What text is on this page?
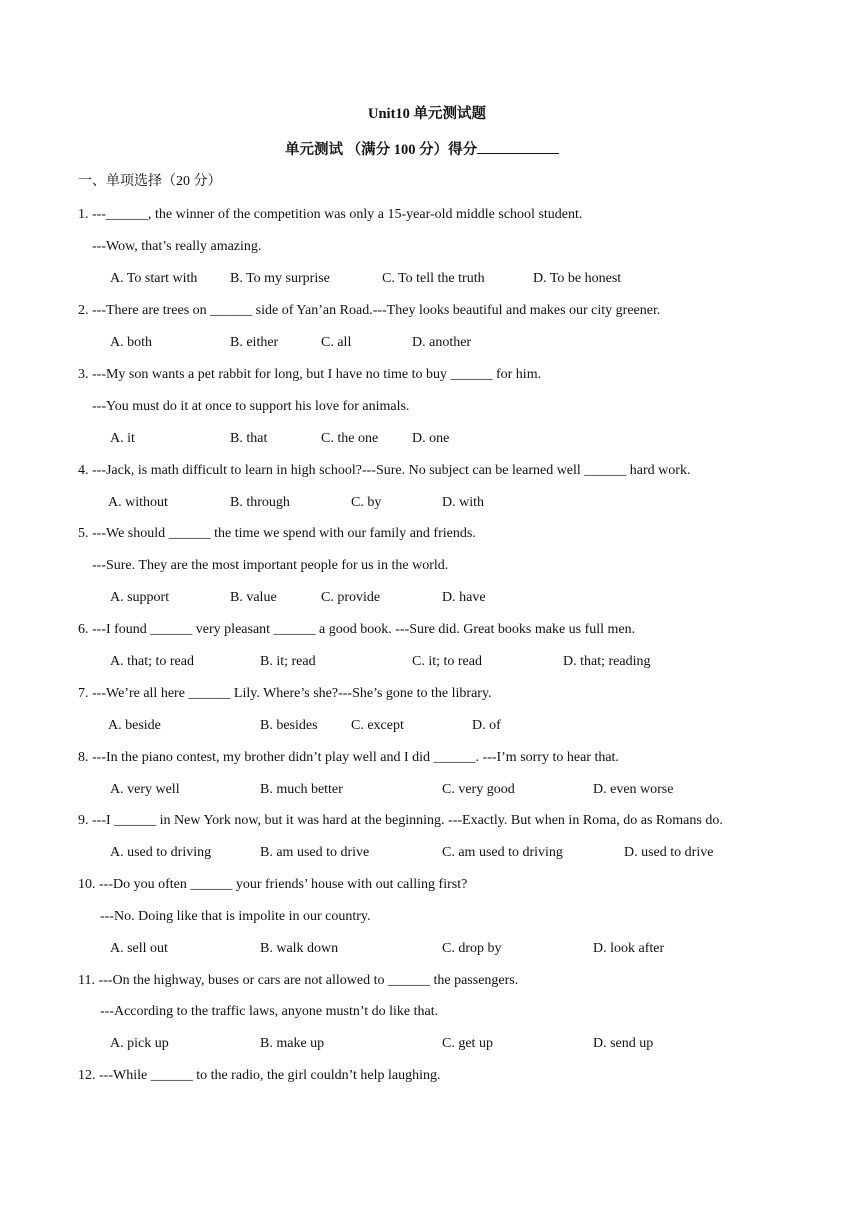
Unit10 单元测试题
单元测试 （满分 100 分）得分
一、单项选择（20 分）
1. ---______, the winner of the competition was only a 15-year-old middle school student.
---Wow, that’s really amazing.
A. To start with B. To my surprise	C. To tell the truth	D. To be honest
2. ---There are trees on ______ side of Yan’an Road.---They looks beautiful and makes our city greener.
A. both	B. either	C. all	D. another
3. ---My son wants a pet rabbit for long, but I have no time to buy ______ for him.
---You must do it at once to support his love for animals.
A. it	B. that	C. the one D. one
4. ---Jack, is math difficult to learn in high school?---Sure. No subject can be learned well ______ hard work.
A. without	B. through	C. by	D. with
5. ---We should ______ the time we spend with our family and friends.
---Sure. They are the most important people for us in the world.
A. support	B. value	C. provide	D. have
6. ---I found ______ very pleasant ______ a good book. ---Sure did. Great books make us full men.
A. that; to read	B. it; read	C. it; to read	D. that; reading
7. ---We’re all here ______ Lily. Where’s she?---She’s gone to the library.
A. beside	B. besides C. except	D. of
8. ---In the piano contest, my brother didn’t play well and I did ______. ---I’m sorry to hear that.
A. very well	B. much better	C. very good	D. even worse
9. ---I ______ in New York now, but it was hard at the beginning. ---Exactly. But when in Roma, do as Romans do.
A. used to driving	B. am used to drive	C. am used to driving	D. used to drive
10. ---Do you often ______ your friends’ house with out calling first?
---No. Doing like that is impolite in our country.
A. sell out	B. walk down	C. drop by	D. look after
11. ---On the highway, buses or cars are not allowed to ______ the passengers.
---According to the traffic laws, anyone mustn’t do like that.
A. pick up	B. make up	C. get up	D. send up
12. ---While ______ to the radio, the girl couldn’t help laughing.
